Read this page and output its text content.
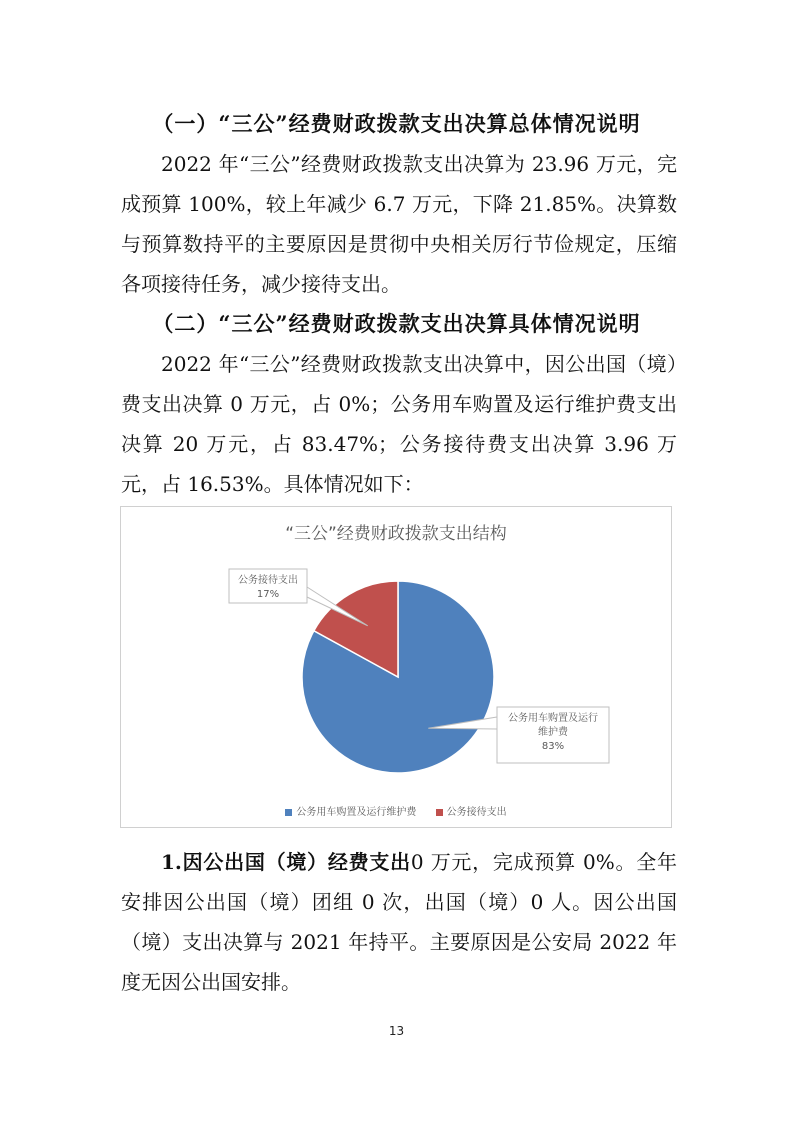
（一）“三公”经费财政拨款支出决算总体情况说明
2022 年“三公”经费财政拨款支出决算为 23.96 万元，完成预算 100%，较上年减少 6.7 万元，下降 21.85%。决算数与预算数持平的主要原因是贯彻中央相关厉行节俭规定，压缩各项接待任务，减少接待支出。
（二）“三公”经费财政拨款支出决算具体情况说明
2022 年“三公”经费财政拨款支出决算中，因公出国（境）费支出决算 0 万元，占 0%；公务用车购置及运行维护费支出决算 20 万元，占 83.47%；公务接待费支出决算 3.96 万元，占 16.53%。具体情况如下：
“三公”经费财政拨款支出结构
公务用车购置及运行
维护费
83%
公务接待支出
17%
公务用车购置及运行维护费	公务接待支出
1.因公出国（境）经费支出0 万元，完成预算 0%。全年安排因公出国（境）团组 0 次，出国（境）0 人。因公出国（境）支出决算与 2021 年持平。主要原因是公安局 2022 年度无因公出国安排。
13
